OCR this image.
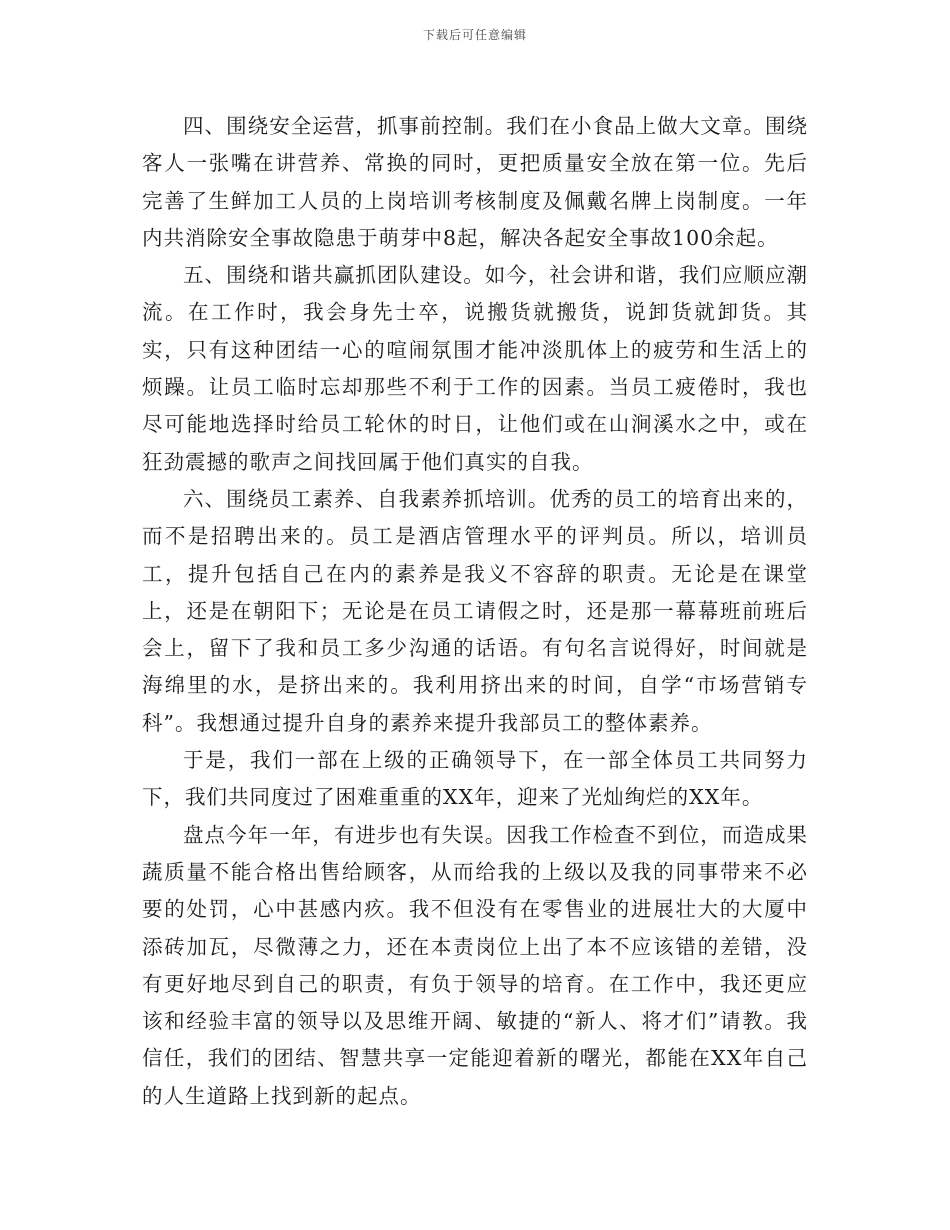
下载后可任意编辑

四、围绕安全运营，抓事前控制。我们在小食品上做大文章。围绕客人一张嘴在讲营养、常换的同时，更把质量安全放在第一位。先后完善了生鲜加工人员的上岗培训考核制度及佩戴名牌上岗制度。一年内共消除安全事故隐患于萌芽中8起，解决各起安全事故100余起。

五、围绕和谐共赢抓团队建设。如今，社会讲和谐，我们应顺应潮流。在工作时，我会身先士卒，说搬货就搬货，说卸货就卸货。其实，只有这种团结一心的喧闹氛围才能冲淡肌体上的疲劳和生活上的烦躁。让员工临时忘却那些不利于工作的因素。当员工疲倦时，我也尽可能地选择时给员工轮休的时日，让他们或在山涧溪水之中，或在狂劲震撼的歌声之间找回属于他们真实的自我。

六、围绕员工素养、自我素养抓培训。优秀的员工的培育出来的，而不是招聘出来的。员工是酒店管理水平的评判员。所以，培训员工，提升包括自己在内的素养是我义不容辞的职责。无论是在课堂上，还是在朝阳下；无论是在员工请假之时，还是那一幕幕班前班后会上，留下了我和员工多少沟通的话语。有句名言说得好，时间就是海绵里的水，是挤出来的。我利用挤出来的时间，自学“市场营销专科”。我想通过提升自身的素养来提升我部员工的整体素养。

于是，我们一部在上级的正确领导下，在一部全体员工共同努力下，我们共同度过了困难重重的XX年，迎来了光灿绚烂的XX年。

盘点今年一年，有进步也有失误。因我工作检查不到位，而造成果蔬质量不能合格出售给顾客，从而给我的上级以及我的同事带来不必要的处罚，心中甚感内疚。我不但没有在零售业的进展壮大的大厦中添砖加瓦，尽微薄之力，还在本责岗位上出了本不应该错的差错，没有更好地尽到自己的职责，有负于领导的培育。在工作中，我还更应该和经验丰富的领导以及思维开阔、敏捷的“新人、将才们”请教。我信任，我们的团结、智慧共享一定能迎着新的曙光，都能在XX年自己的人生道路上找到新的起点。
